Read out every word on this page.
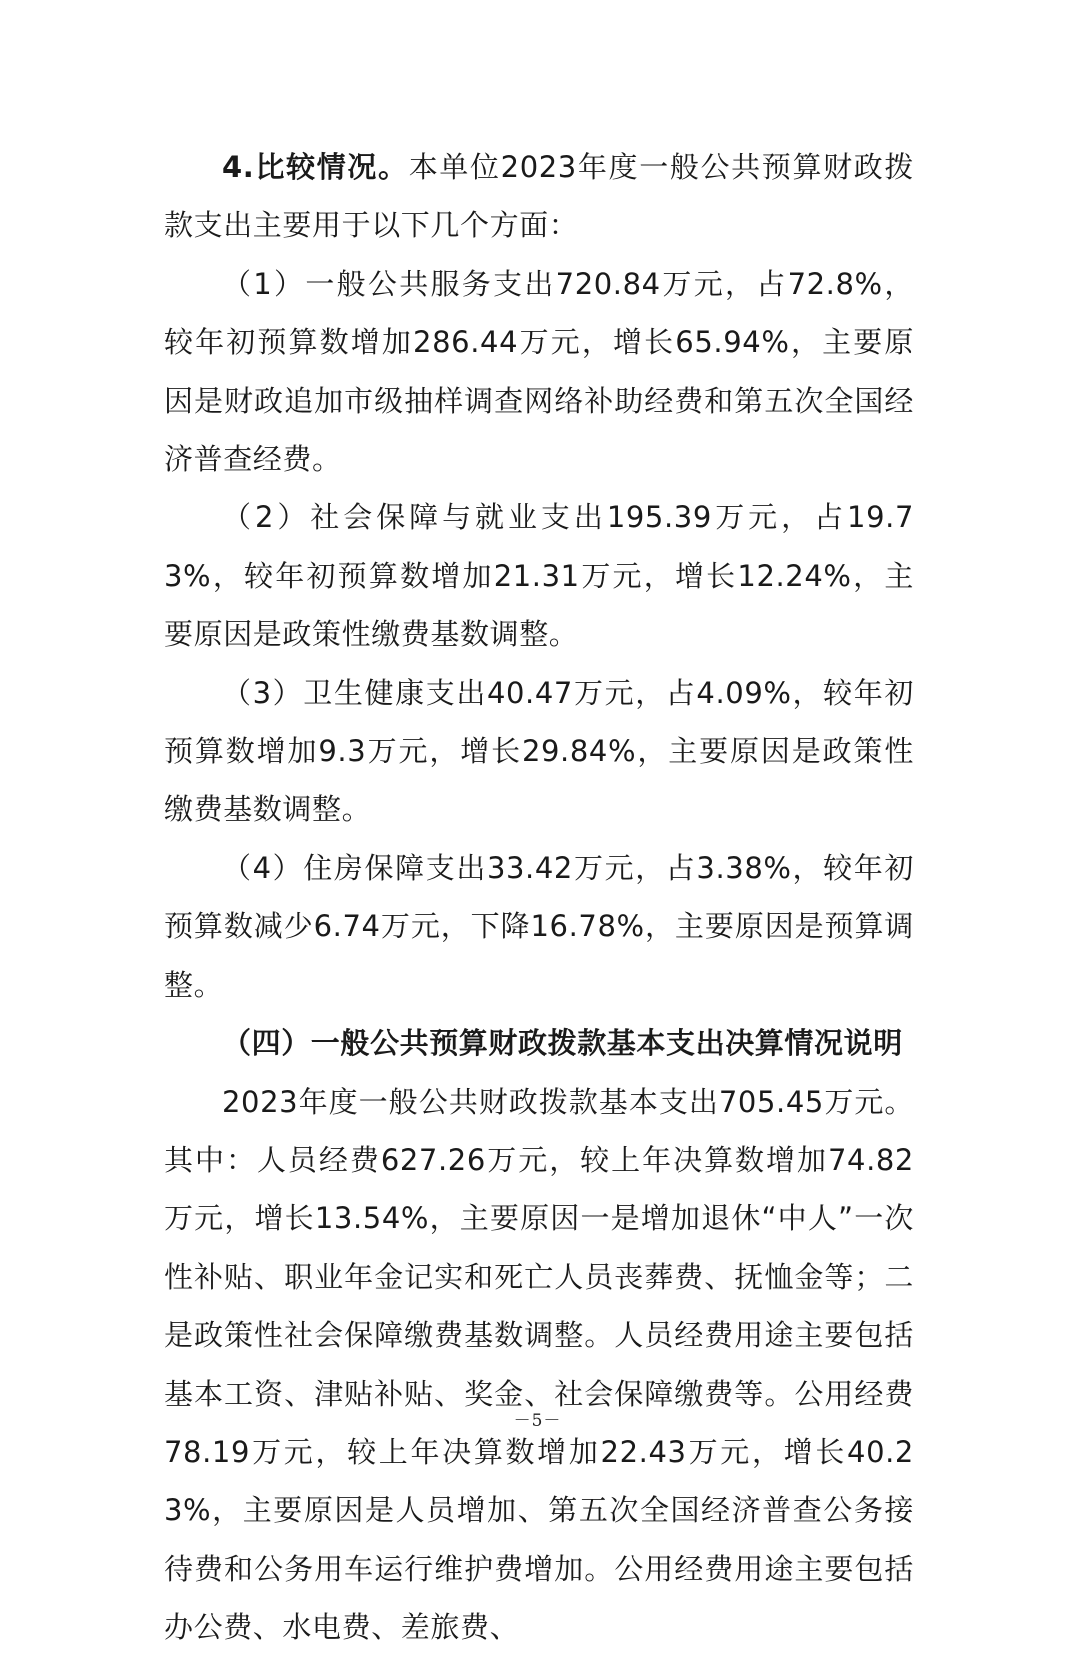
4.比较情况。本单位2023年度一般公共预算财政拨款支出主要用于以下几个方面：

（1）一般公共服务支出720.84万元，占72.8%，较年初预算数增加286.44万元，增长65.94%，主要原因是财政追加市级抽样调查网络补助经费和第五次全国经济普查经费。

（2）社会保障与就业支出195.39万元，占19.73%，较年初预算数增加21.31万元，增长12.24%，主要原因是政策性缴费基数调整。

（3）卫生健康支出40.47万元，占4.09%，较年初预算数增加9.3万元，增长29.84%，主要原因是政策性缴费基数调整。

（4）住房保障支出33.42万元，占3.38%，较年初预算数减少6.74万元，下降16.78%，主要原因是预算调整。

（四）一般公共预算财政拨款基本支出决算情况说明

2023年度一般公共财政拨款基本支出705.45万元。其中：人员经费627.26万元，较上年决算数增加74.82万元，增长13.54%，主要原因一是增加退休“中人”一次性补贴、职业年金记实和死亡人员丧葬费、抚恤金等；二是政策性社会保障缴费基数调整。人员经费用途主要包括基本工资、津贴补贴、奖金、社会保障缴费等。公用经费78.19万元，较上年决算数增加22.43万元，增长40.23%，主要原因是人员增加、第五次全国经济普查公务接待费和公务用车运行维护费增加。公用经费用途主要包括办公费、水电费、差旅费、

－5－
